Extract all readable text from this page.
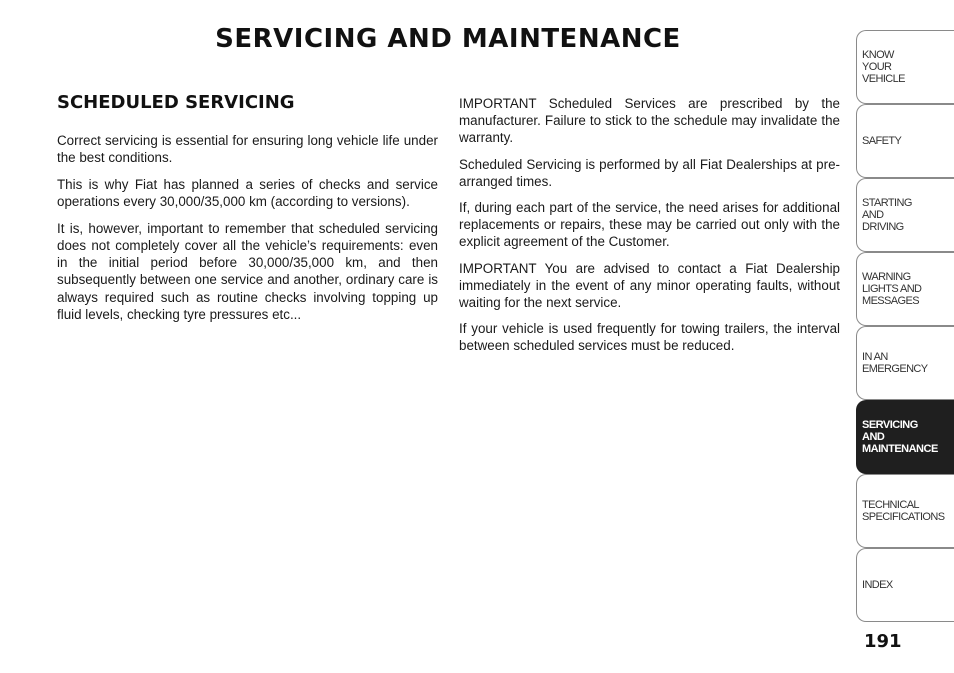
SERVICING AND MAINTENANCE
SCHEDULED SERVICING

Correct servicing is essential for ensuring long vehicle life under the best conditions.

This is why Fiat has planned a series of checks and service operations every 30,000/35,000 km (according to versions).

It is, however, important to remember that scheduled servicing does not completely cover all the vehicle’s requirements: even in the initial period before 30,000/35,000 km, and then subsequently between one service and another, ordinary care is always required such as routine checks involving topping up fluid levels, checking tyre pressures etc...

IMPORTANT Scheduled Services are prescribed by the manufacturer. Failure to stick to the schedule may invalidate the warranty.

Scheduled Servicing is performed by all Fiat Dealerships at pre-arranged times.

If, during each part of the service, the need arises for additional replacements or repairs, these may be carried out only with the explicit agreement of the Customer.

IMPORTANT You are advised to contact a Fiat Dealership immediately in the event of any minor operating faults, without waiting for the next service.

If your vehicle is used frequently for towing trailers, the interval between scheduled services must be reduced.

KNOW
YOUR
VEHICLE
SAFETY
STARTING
AND
DRIVING
WARNING
LIGHTS AND
MESSAGES
IN AN
EMERGENCY
SERVICING
AND
MAINTENANCE
TECHNICAL
SPECIFICATIONS
INDEX
191
